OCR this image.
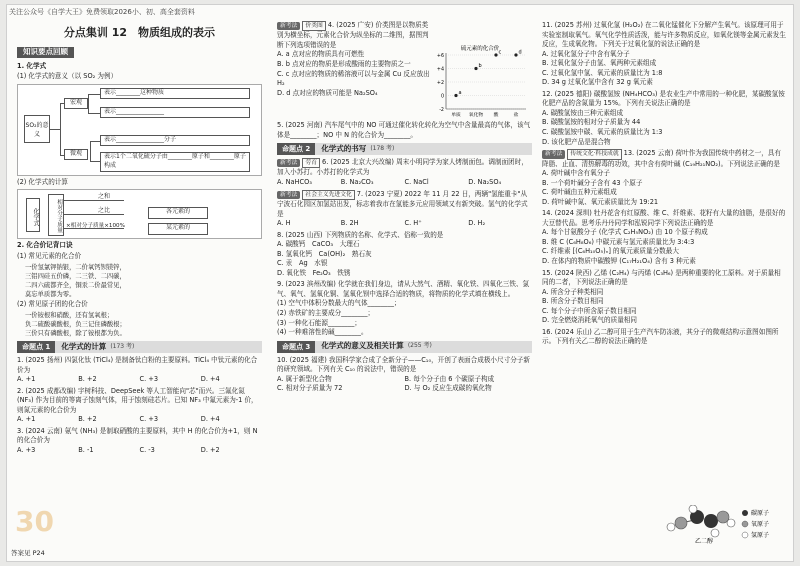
关注公众号《自学大王》免费领取2026小、初、高全套资料
分点集训 12　物质组成的表示
知识要点回顾
1. 化学式
(1) 化学式的意义（以 SO₂ 为例）
SO₂的意义
宏观
微观
表示________这种物质
表示________________
表示________________分子
表示1个二氧化硫分子由________原子和________原子构成
(2) 化学式的计算
化学式	相对分子质量
之和
之比
×相对分子质量×100%
各元素的
某元素的
2. 化合价记背口诀
(1) 常见元素的化合价
一价氢氯钾钠银，二价氧钙钡镁锌，
三铝四硅五价磷，二三铁、二四碳，
二四六硫都齐全，铜汞二价最常见，
莫忘单质都为零。
(2) 常见原子团的化合价
一价铵根和硝酸，还有氢氧根；
负二硫酸碳酸根，负三记住磷酸根；
三价只有磷酸根，除了铵根都为负。
命题点 1	化学式的计算 (173 考)
1. (2025 扬州) 四氯化钛 (TiCl₄) 是制备钛白粉的主要原料。TiCl₄ 中钛元素的化合价为
A. +1	B. +2	C. +3	D. +4
2. (2025 成都改编) 宇树科技、DeepSeek 等人工智能向"芯"而兴。三氟化氮 (NF₃) 作为目前的等离子蚀刻气体，用于蚀刻硅芯片。已知 NF₃ 中氟元素为-1 价，则氮元素的化合价为
A. +1	B. +2	C. +3	D. +4
3. (2024 云南) 氨气 (NH₃) 是制取硝酸的主要原料，其中 H 的化合价为+1，则 N 的化合价为
A. +3	B. -1	C. -3	D. +2
30
答案见 P24
新考法 价类图 4. (2025 广安) 价类图是以物质类别为横坐标，元素化合价为纵坐标的二维图，据图判断下列选项错误的是
A. a 点对应的物质具有可燃性
B. b 点对应的物质是形成酸雨的主要物质之一
C. c 点对应的物质的稀溶液可以与金属 Cu 反应放出 H₂
D. d 点对应的物质可能是 Na₂SO₄
硫元素的化合价
+6
+4
+2
0
-2
单质 氧化物 酸	盐
a
b
c	d
5. (2025 河南) 汽车尾气中的 NO 可通过催化转化转化为空气中含量最高的气体，该气体是________；NO 中 N 的化合价为________。
命题点 2	化学式的书写 (178 考)
新考法 劳育 6. (2025 北京大兴改编) 周末小明同学为家人烤制面包。调制面团时，加入小苏打。小苏打的化学式为
A. NaHCO₃	B. Na₂CO₃	C. NaCl	D. Na₂SO₄
新考法 社会主义先进文化 7. (2023 宁夏) 2022 年 11 月 22 日，两辆"氢能重卡"从宁波石化园区加氢站出发，标志着我市在氢能多元应用领域又有新突破。氢气的化学式是
A. H	B. 2H	C. H⁺	D. H₂
8. (2025 山西) 下列物质的名称、化学式、俗称一致的是
A. 碳酸钙　CaCO₃　大理石
B. 氢氧化钙　Ca(OH)₂　熟石灰
C. 汞　Ag　水银
D. 氧化铁　Fe₂O₃　铁锈
9. (2023 滨州改编) 化学就在我们身边，请从大然气、酒精、氧化铁、四氧化三铁、氯气、氧气、氢氧化铜、氢氧化钡中选择合适的物质，将物质的化学式填在横线上。
(1) 空气中体积分数最大的气体________；
(2) 赤铁矿的主要成分________；
(3) 一种化石能源________；
(4) 一种难溶性的碱________。
命题点 3	化学式的意义及相关计算 (255 考)
10. (2025 福建) 我国科学家合成了全新分子——C₁₀，开创了表面合成极小尺寸分子新的研究领域。下列有关 C₁₀ 的说法中，错误的是
A. 属于新型化合物	B. 每个分子由 6 个碳原子构成
C. 相对分子质量为 72	D. 与 O₂ 反应生成碳的氧化物
11. (2025 苏州) 过氧化氢 (H₂O₂) 在二氧化锰催化下分解产生氧气。该原理可用于实验室制取氧气。氧气化学性质活泼，能与许多物质反应，如氧化镁等金属元素发生反应，生成氧化物。下列关于过氧化氢的说法正确的是
A. 过氧化氢分子中含有氧分子
B. 过氧化氢分子由氢、氧两种元素组成
C. 过氧化氢中氢、氧元素的质量比为 1:8
D. 34 g 过氧化氢中含有 32 g 氧元素
12. (2025 德阳) 碳酸氢铵 (NH₄HCO₃) 是农业生产中常用的一种化肥，某碳酸氢铵化肥产品的含氮量为 15%。下列有关说法正确的是
A. 碳酸氢铵由三种元素组成
B. 碳酸氢铵的相对分子质量为 44
C. 碳酸氢铵中碳、氧元素的质量比为 1:3
D. 该化肥产品是混合物
新考法 传统文化·科技成就 13. (2025 云南) 荷叶作为我国传统中药材之一，具有降脂、止血、清热解毒的功效，其中含有荷叶碱 (C₁₉H₂₁NO₂)。下列说法正确的是
A. 荷叶碱中含有氧分子
B. 一个荷叶碱分子含有 43 个原子
C. 荷叶碱由五种元素组成
D. 荷叶碱中氮、氧元素质量比为 19:21
14. (2024 深圳) 牡丹花含有红原酸、维 C、纤维素、花籽有大量的油脂，是很好的大豆替代品。思考乐丹丹同学和泓锐同学下列说法正确的是
A. 每个甘氨酸分子 (化学式 C₂H₅NO₂) 由 10 个原子构成
B. 维 C (C₆H₈O₆) 中碳元素与氢元素质量比为 3:4:3
C. 纤维素 [(C₆H₁₀O₅)ₙ] 的氧元素质量分数最大
D. 在体内的物质中碳酸钾 (C₁₇H₂₁O₄) 含有 3 种元素
15. (2024 陕西) 乙烯 (C₂H₄) 与丙烯 (C₃H₆) 是两种重要的化工原料。对于质量相同的二者，下列说法正确的是
A. 所含分子种类相同
B. 所含分子数目相同
C. 每个分子中所含原子数目相同
D. 完全燃烧消耗氧气的质量相同
16. (2024 乐山) 乙二醇可用于生产汽车防冻液，其分子的微观结构示意图如图所示。下列有关乙二醇的说法正确的是
乙二醇
碳原子
氧原子
氢原子
